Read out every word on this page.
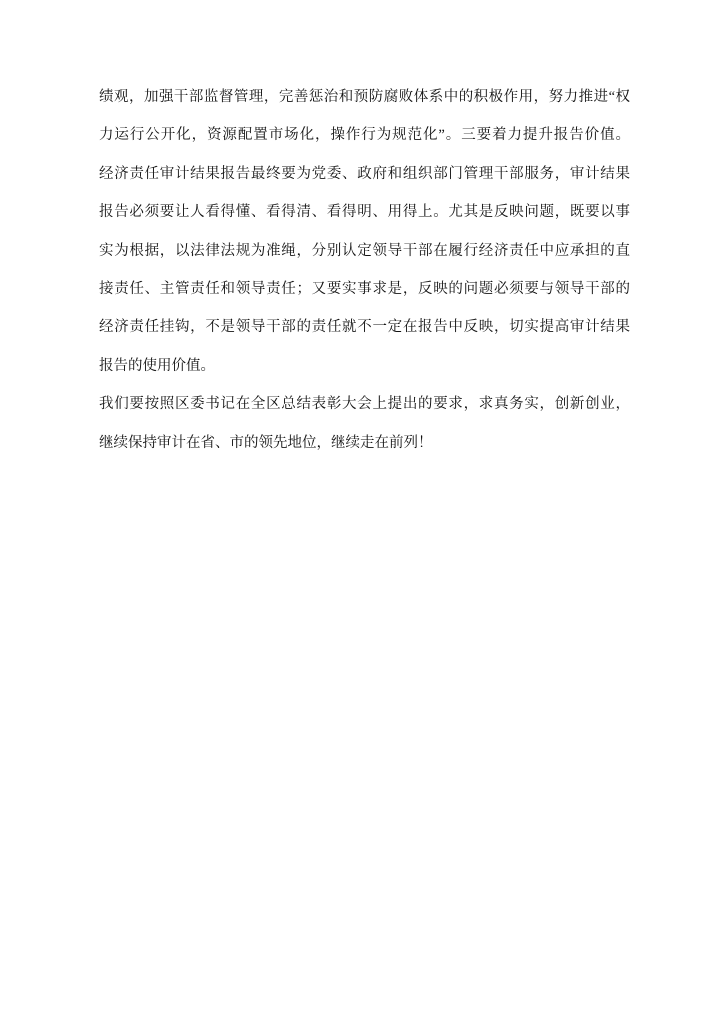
绩观，加强干部监督管理，完善惩治和预防腐败体系中的积极作用，努力推进“权
力运行公开化，资源配置市场化，操作行为规范化”。三要着力提升报告价值。
经济责任审计结果报告最终要为党委、政府和组织部门管理干部服务，审计结果
报告必须要让人看得懂、看得清、看得明、用得上。尤其是反映问题，既要以事
实为根据，以法律法规为准绳，分别认定领导干部在履行经济责任中应承担的直
接责任、主管责任和领导责任；又要实事求是，反映的问题必须要与领导干部的
经济责任挂钩，不是领导干部的责任就不一定在报告中反映，切实提高审计结果
报告的使用价值。
我们要按照区委书记在全区总结表彰大会上提出的要求，求真务实，创新创业，
继续保持审计在省、市的领先地位，继续走在前列！
